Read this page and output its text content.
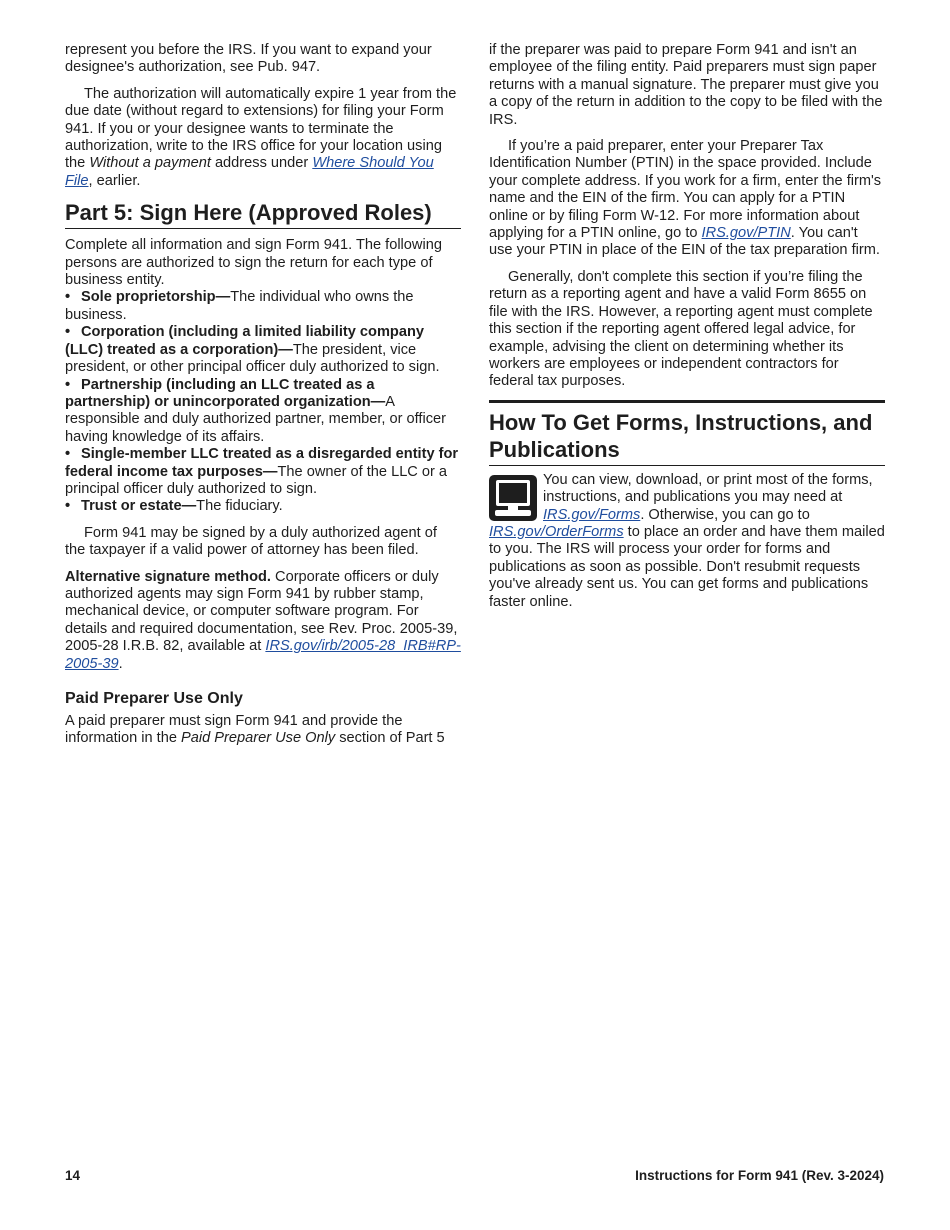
represent you before the IRS. If you want to expand your designee's authorization, see Pub. 947.

The authorization will automatically expire 1 year from the due date (without regard to extensions) for filing your Form 941. If you or your designee wants to terminate the authorization, write to the IRS office for your location using the Without a payment address under Where Should You File, earlier.

Part 5: Sign Here (Approved Roles)

Complete all information and sign Form 941. The following persons are authorized to sign the return for each type of business entity.

• Sole proprietorship—The individual who owns the business.

• Corporation (including a limited liability company (LLC) treated as a corporation)—The president, vice president, or other principal officer duly authorized to sign.

• Partnership (including an LLC treated as a partnership) or unincorporated organization—A responsible and duly authorized partner, member, or officer having knowledge of its affairs.

• Single-member LLC treated as a disregarded entity for federal income tax purposes—The owner of the LLC or a principal officer duly authorized to sign.

• Trust or estate—The fiduciary.

Form 941 may be signed by a duly authorized agent of the taxpayer if a valid power of attorney has been filed.

Alternative signature method. Corporate officers or duly authorized agents may sign Form 941 by rubber stamp, mechanical device, or computer software program. For details and required documentation, see Rev. Proc. 2005-39, 2005-28 I.R.B. 82, available at IRS.gov/irb/2005-28_IRB#RP-2005-39.

Paid Preparer Use Only

A paid preparer must sign Form 941 and provide the information in the Paid Preparer Use Only section of Part 5

if the preparer was paid to prepare Form 941 and isn't an employee of the filing entity. Paid preparers must sign paper returns with a manual signature. The preparer must give you a copy of the return in addition to the copy to be filed with the IRS.

If you’re a paid preparer, enter your Preparer Tax Identification Number (PTIN) in the space provided. Include your complete address. If you work for a firm, enter the firm's name and the EIN of the firm. You can apply for a PTIN online or by filing Form W-12. For more information about applying for a PTIN online, go to IRS.gov/PTIN. You can't use your PTIN in place of the EIN of the tax preparation firm.

Generally, don't complete this section if you’re filing the return as a reporting agent and have a valid Form 8655 on file with the IRS. However, a reporting agent must complete this section if the reporting agent offered legal advice, for example, advising the client on determining whether its workers are employees or independent contractors for federal tax purposes.

How To Get Forms, Instructions, and Publications
You can view, download, or print most of the forms, instructions, and publications you may need at IRS.gov/Forms. Otherwise, you can go to IRS.gov/OrderForms to place an order and have them mailed to you. The IRS will process your order for forms and publications as soon as possible. Don't resubmit requests you've already sent us. You can get forms and publications faster online.
14	Instructions for Form 941 (Rev. 3-2024)
